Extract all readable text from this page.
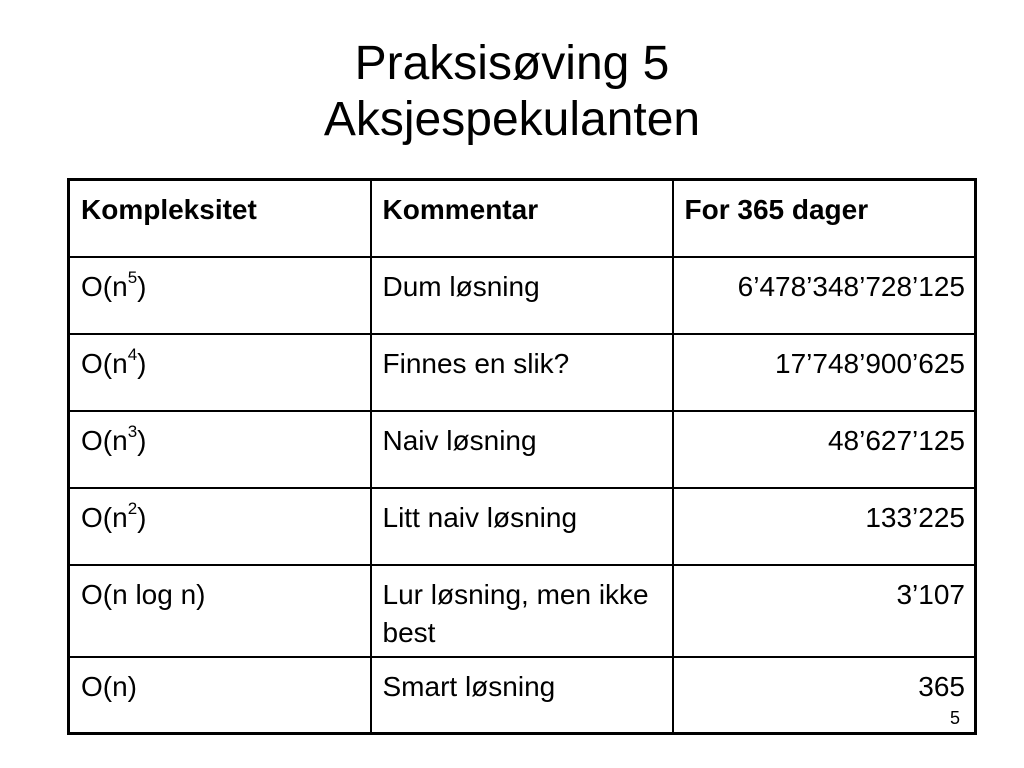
Praksisøving 5
Aksjespekulanten
Kompleksitet	Kommentar	For 365 dager
$O(n^5)$	Dum løsning	6’478’348’728’125
$O(n^4)$	Finnes en slik?	17’748’900’625
$O(n^3)$	Naiv løsning	48’627’125
$O(n^2)$	Litt naiv løsning	133’225
O(n log n)	Lur løsning, men ikke best	3’107
O(n)	Smart løsning	365
5
